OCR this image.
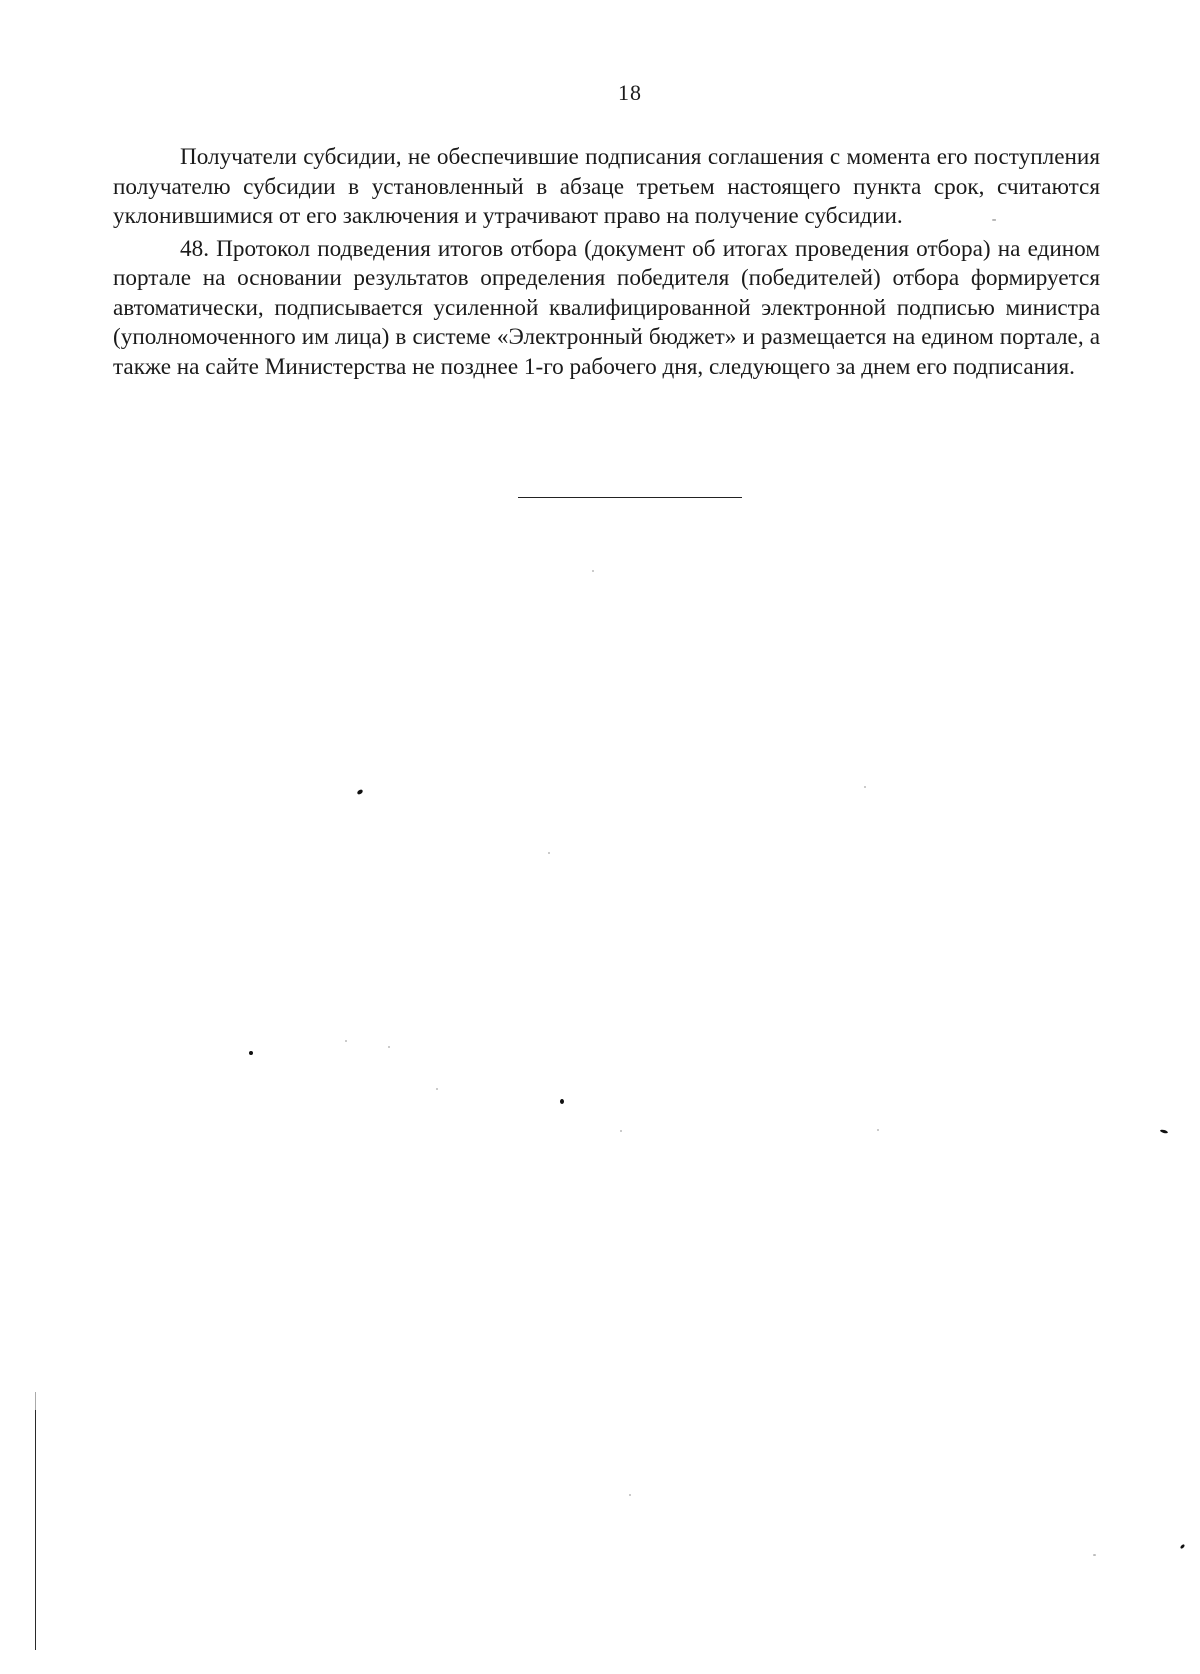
18

Получатели субсидии, не обеспечившие подписания соглашения с момента его поступления получателю субсидии в установленный в абзаце третьем настоящего пункта срок, считаются уклонившимися от его заключения и утрачивают право на получение субсидии.	-

48. Протокол подведения итогов отбора (документ об итогах проведения отбора) на едином портале на основании результатов определения победителя (победителей) отбора формируется автоматически, подписывается усиленной квалифицированной электронной подписью министра (уполномоченного им лица) в системе «Электронный бюджет» и размещается на едином портале, а также на сайте Министерства не позднее 1-го рабочего дня, следующего за днем его подписания.
